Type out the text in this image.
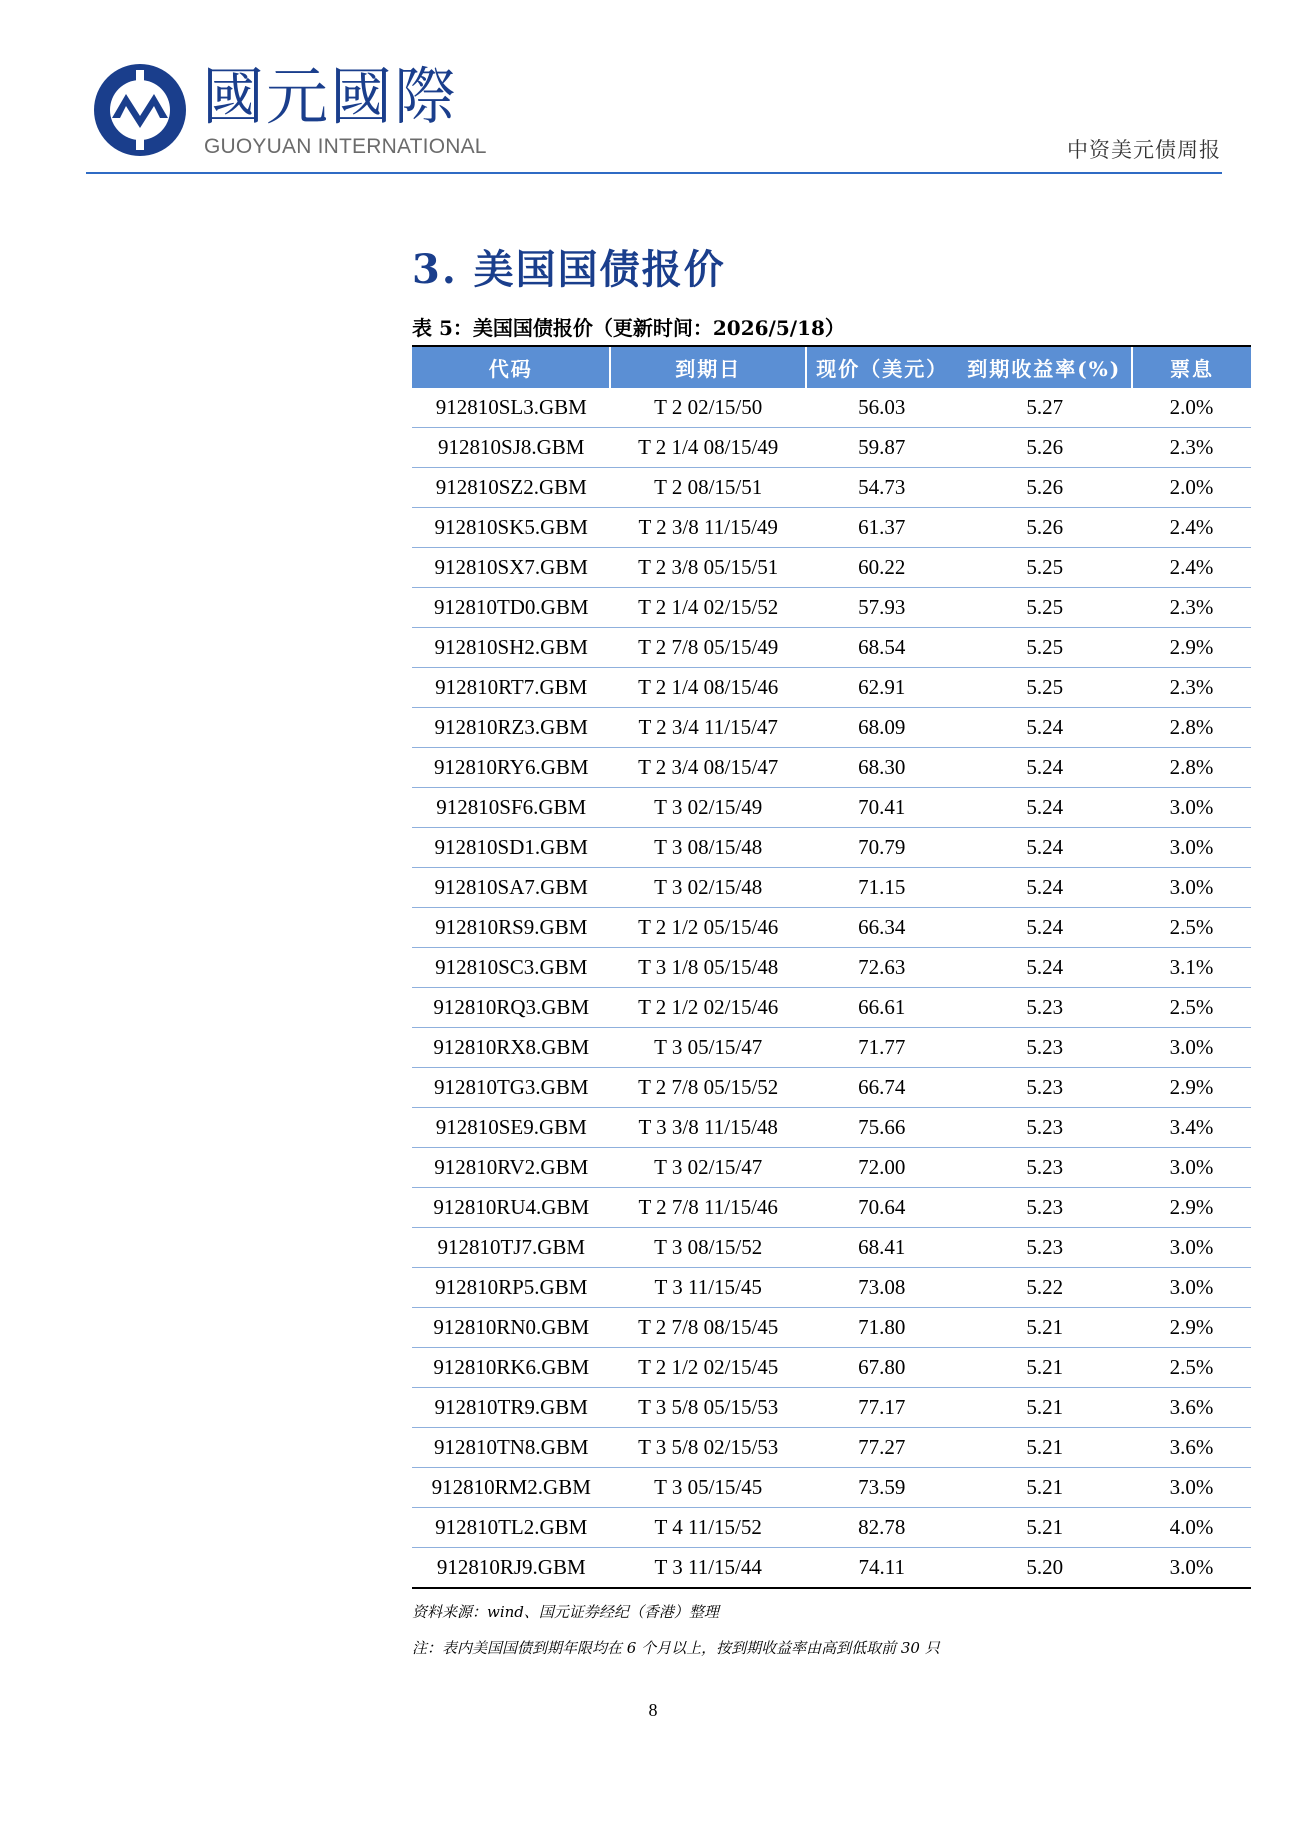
國元國際
GUOYUAN INTERNATIONAL	中资美元债周报
3. 美国国债报价
表 5：美国国债报价（更新时间：2026/5/18）
代码	到期日	现价（美元）	到期收益率(%)	票息
912810SL3.GBM	T 2 02/15/50	56.03	5.27	2.0%
912810SJ8.GBM	T 2 1/4 08/15/49	59.87	5.26	2.3%
912810SZ2.GBM	T 2 08/15/51	54.73	5.26	2.0%
912810SK5.GBM	T 2 3/8 11/15/49	61.37	5.26	2.4%
912810SX7.GBM	T 2 3/8 05/15/51	60.22	5.25	2.4%
912810TD0.GBM	T 2 1/4 02/15/52	57.93	5.25	2.3%
912810SH2.GBM	T 2 7/8 05/15/49	68.54	5.25	2.9%
912810RT7.GBM	T 2 1/4 08/15/46	62.91	5.25	2.3%
912810RZ3.GBM	T 2 3/4 11/15/47	68.09	5.24	2.8%
912810RY6.GBM	T 2 3/4 08/15/47	68.30	5.24	2.8%
912810SF6.GBM	T 3 02/15/49	70.41	5.24	3.0%
912810SD1.GBM	T 3 08/15/48	70.79	5.24	3.0%
912810SA7.GBM	T 3 02/15/48	71.15	5.24	3.0%
912810RS9.GBM	T 2 1/2 05/15/46	66.34	5.24	2.5%
912810SC3.GBM	T 3 1/8 05/15/48	72.63	5.24	3.1%
912810RQ3.GBM	T 2 1/2 02/15/46	66.61	5.23	2.5%
912810RX8.GBM	T 3 05/15/47	71.77	5.23	3.0%
912810TG3.GBM	T 2 7/8 05/15/52	66.74	5.23	2.9%
912810SE9.GBM	T 3 3/8 11/15/48	75.66	5.23	3.4%
912810RV2.GBM	T 3 02/15/47	72.00	5.23	3.0%
912810RU4.GBM	T 2 7/8 11/15/46	70.64	5.23	2.9%
912810TJ7.GBM	T 3 08/15/52	68.41	5.23	3.0%
912810RP5.GBM	T 3 11/15/45	73.08	5.22	3.0%
912810RN0.GBM	T 2 7/8 08/15/45	71.80	5.21	2.9%
912810RK6.GBM	T 2 1/2 02/15/45	67.80	5.21	2.5%
912810TR9.GBM	T 3 5/8 05/15/53	77.17	5.21	3.6%
912810TN8.GBM	T 3 5/8 02/15/53	77.27	5.21	3.6%
912810RM2.GBM	T 3 05/15/45	73.59	5.21	3.0%
912810TL2.GBM	T 4 11/15/52	82.78	5.21	4.0%
912810RJ9.GBM	T 3 11/15/44	74.11	5.20	3.0%
资料来源：wind、国元证券经纪（香港）整理
注：表内美国国债到期年限均在 6 个月以上，按到期收益率由高到低取前 30 只
8
